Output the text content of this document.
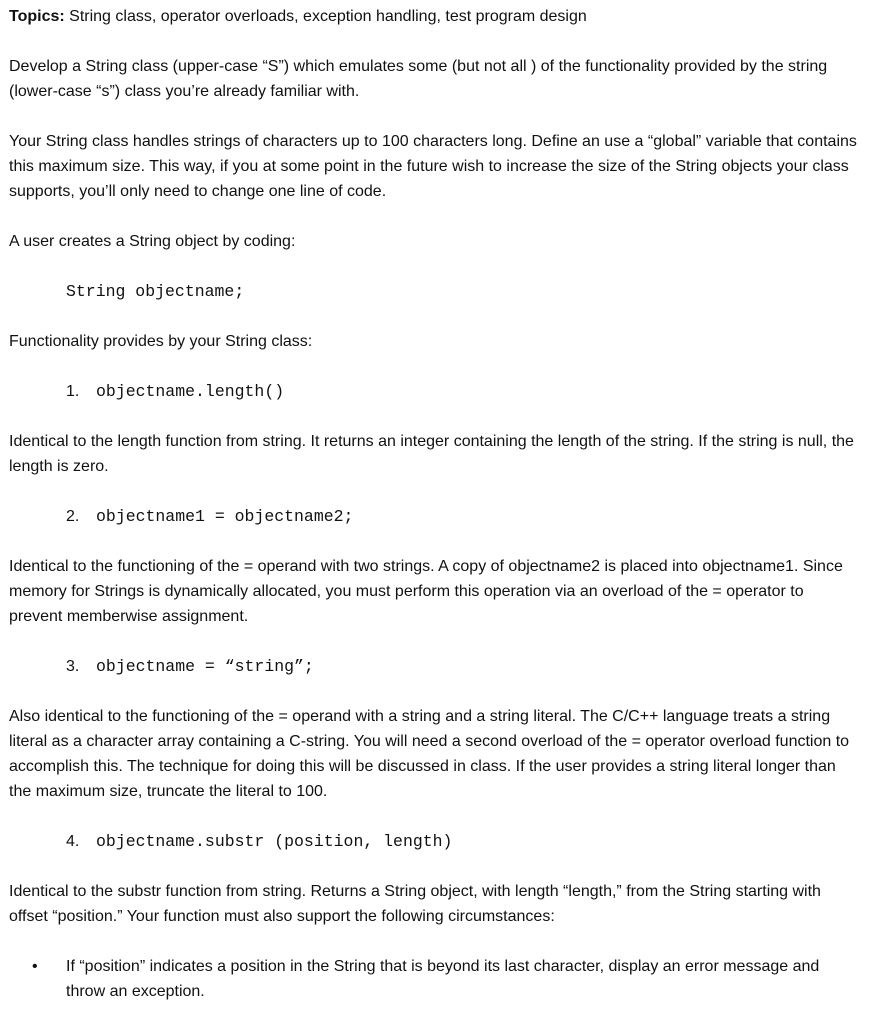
Topics: String class, operator overloads, exception handling, test program design

Develop a String class (upper-case “S”) which emulates some (but not all ) of the functionality provided by the string (lower-case “s”) class you’re already familiar with.

Your String class handles strings of characters up to 100 characters long. Define an use a “global” variable that contains this maximum size. This way, if you at some point in the future wish to increase the size of the String objects your class supports, you’ll only need to change one line of code.

A user creates a String object by coding:

String objectname;

Functionality provides by your String class:

1. objectname.length()

Identical to the length function from string. It returns an integer containing the length of the string. If the string is null, the length is zero.

2. objectname1 = objectname2;

Identical to the functioning of the = operand with two strings. A copy of objectname2 is placed into objectname1. Since memory for Strings is dynamically allocated, you must perform this operation via an overload of the = operator to prevent memberwise assignment.

3. objectname = “string”;

Also identical to the functioning of the = operand with a string and a string literal. The C/C++ language treats a string literal as a character array containing a C-string. You will need a second overload of the = operator overload function to accomplish this. The technique for doing this will be discussed in class. If the user provides a string literal longer than the maximum size, truncate the literal to 100.

4. objectname.substr (position, length)

Identical to the substr function from string. Returns a String object, with length “length,” from the String starting with offset “position.” Your function must also support the following circumstances:

• If “position” indicates a position in the String that is beyond its last character, display an error message and throw an exception.
